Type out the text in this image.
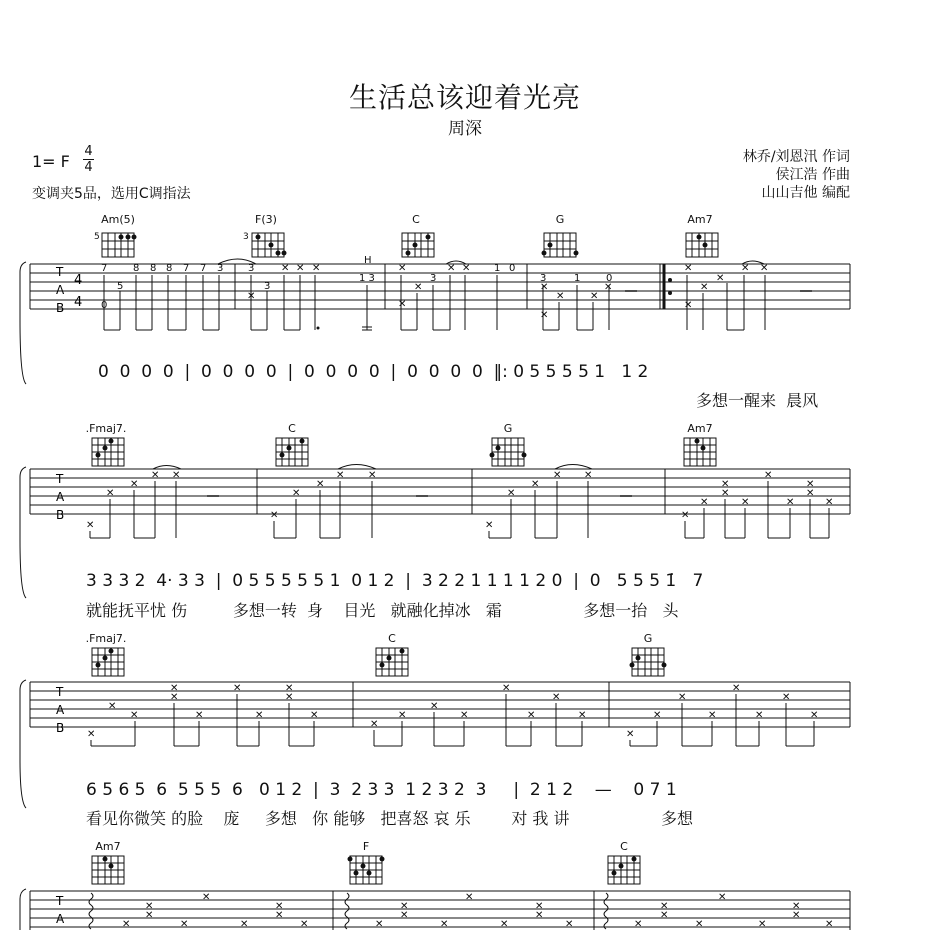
生活总该迎着光亮
周深
1= F
4
4
变调夹5品，选用C调指法
林乔/刘恩汛 作词
侯江浩 作曲
山山吉他 编配
Am(5)	F(3)	C	G	Am7
5	3
T
A
B
4
4
7
5
0
8 8 8 7 7 3 3
3
H
1 3	3
1 0
3	1	0
✕ ✕ ✕
✕
✕
✕
✕
✕ ✕
✕
✕	✕
✕
✕
✕
✕
✕
✕ ✕
✕
T
A
B
✕
✕
✕
✕ ✕
✕
✕
✕
✕ ✕
✕
✕
✕
✕ ✕
✕
✕
✕
✕
✕
✕
✕
✕
✕
✕
T
A
B ✕
✕
✕
✕
✕
✕
✕
✕
✕
✕
✕
✕
✕
✕
✕
✕
✕
✕
✕
✕
✕
✕
✕
✕
✕
✕
✕
T
A	✕
✕
✕
✕
✕
✕
✕
✕
✕	✕
✕
✕
✕
✕
✕
✕
✕
✕	✕
✕
✕
✕
✕
✕
✕
✕
✕
.Fmaj7.	C	G	Am7
.Fmaj7.	C	G
Am7	F	C
0  0  0  0  |  0  0  0  0  |  0  0  0  0  |  0  0  0  0  ‖: 0 5 5 5 5 1   1 2
多想一醒来  晨风
3 3 3 2  4· 3 3  |  0 5 5 5 5 5 1  0 1 2  |  3 2 2 1 1 1 1 2 0  |  0   5 5 5 1̇   7
就能抚平忧 伤         多想一转  身    目光   就融化掉冰   霜                多想一抬   头
6 5 6 5  6  5 5 5  6   0 1 2  |  3  2 3 3  1 2 3 2  3     |  2 1 2    —    0 7 1
看见你微笑 的脸    庞     多想   你 能够   把喜怒 哀 乐        对 我 讲                  多想
